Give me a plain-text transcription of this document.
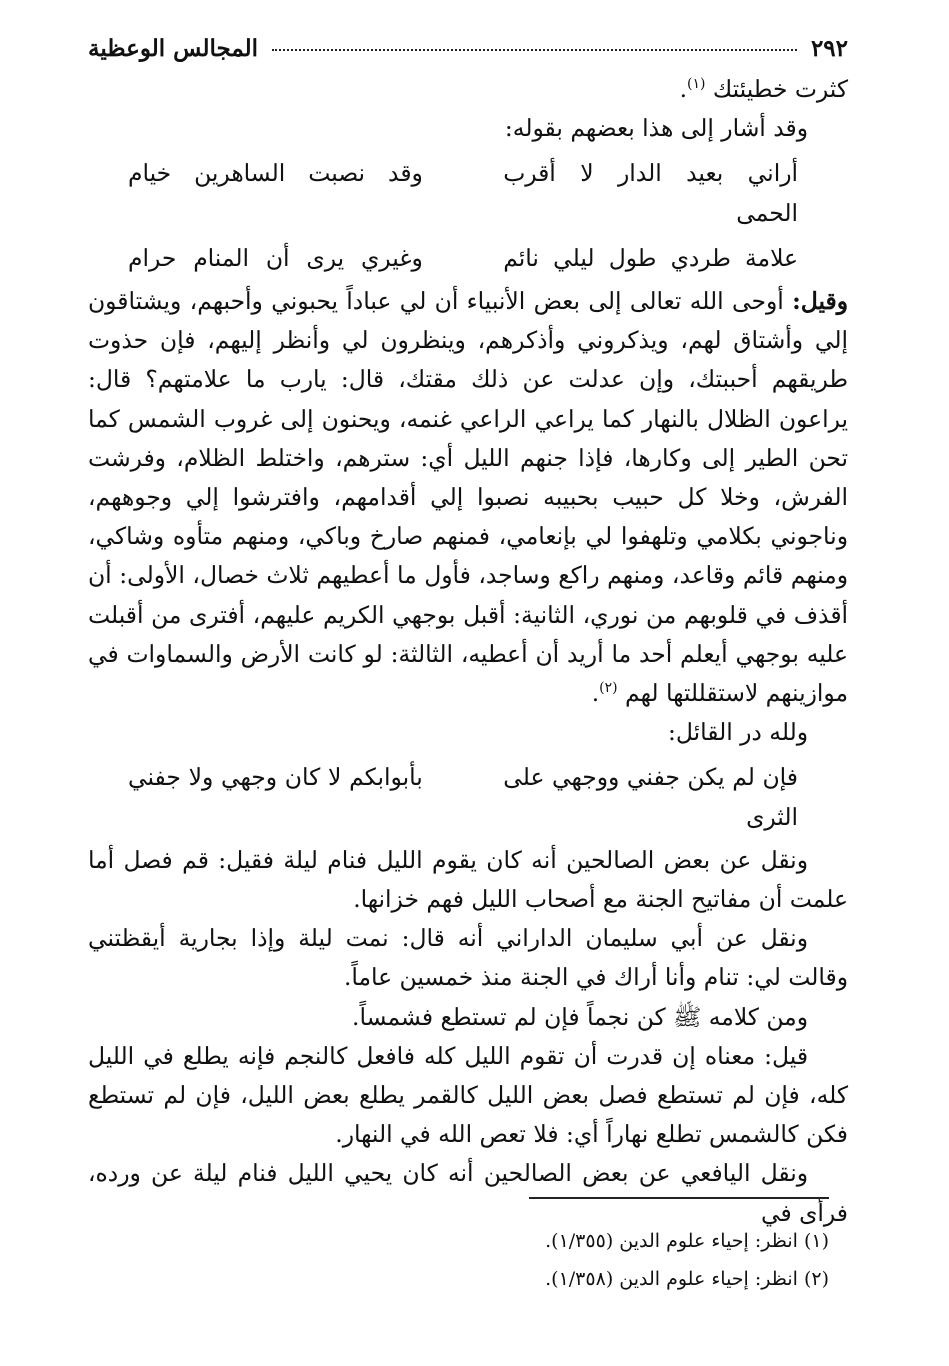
٢٩٢
المجالس الوعظية

كثرت خطيئتك $^{(١)}$.

وقد أشار إلى هذا بعضهم بقوله:

أراني بعيد الدار لا أقرب الحمى
وقد نصبت الساهرين خيام
علامة طردي طول ليلي نائم
وغيري يرى أن المنام حرام

وقيل: أوحى الله تعالى إلى بعض الأنبياء أن لي عباداً يحبوني وأحبهم، ويشتاقون إلي وأشتاق لهم، ويذكروني وأذكرهم، وينظرون لي وأنظر إليهم، فإن حذوت طريقهم أحببتك، وإن عدلت عن ذلك مقتك، قال: يارب ما علامتهم؟ قال: يراعون الظلال بالنهار كما يراعي الراعي غنمه، ويحنون إلى غروب الشمس كما تحن الطير إلى وكارها، فإذا جنهم الليل أي: سترهم، واختلط الظلام، وفرشت الفرش، وخلا كل حبيب بحبيبه نصبوا إلي أقدامهم، وافترشوا إلي وجوههم، وناجوني بكلامي وتلهفوا لي بإنعامي، فمنهم صارخ وباكي، ومنهم متأوه وشاكي، ومنهم قائم وقاعد، ومنهم راكع وساجد، فأول ما أعطيهم ثلاث خصال، الأولى: أن أقذف في قلوبهم من نوري، الثانية: أقبل بوجهي الكريم عليهم، أفترى من أقبلت عليه بوجهي أيعلم أحد ما أريد أن أعطيه، الثالثة: لو كانت الأرض والسماوات في موازينهم لاستقللتها لهم $^{(٢)}$.

ولله در القائل:

فإن لم يكن جفني ووجهي على الثرى
بأبوابكم لا كان وجهي ولا جفني

ونقل عن بعض الصالحين أنه كان يقوم الليل فنام ليلة فقيل: قم فصل أما علمت أن مفاتيح الجنة مع أصحاب الليل فهم خزانها.

ونقل عن أبي سليمان الداراني أنه قال: نمت ليلة وإذا بجارية أيقظتني وقالت لي: تنام وأنا أراك في الجنة منذ خمسين عاماً.

ومن كلامه ﷺ كن نجماً فإن لم تستطع فشمساً.

قيل: معناه إن قدرت أن تقوم الليل كله فافعل كالنجم فإنه يطلع في الليل كله، فإن لم تستطع فصل بعض الليل كالقمر يطلع بعض الليل، فإن لم تستطع فكن كالشمس تطلع نهاراً أي: فلا تعص الله في النهار.

ونقل اليافعي عن بعض الصالحين أنه كان يحيي الليل فنام ليلة عن ورده، فرأى في

(١) انظر: إحياء علوم الدين (١/٣٥٥).

(٢) انظر: إحياء علوم الدين (١/٣٥٨).
